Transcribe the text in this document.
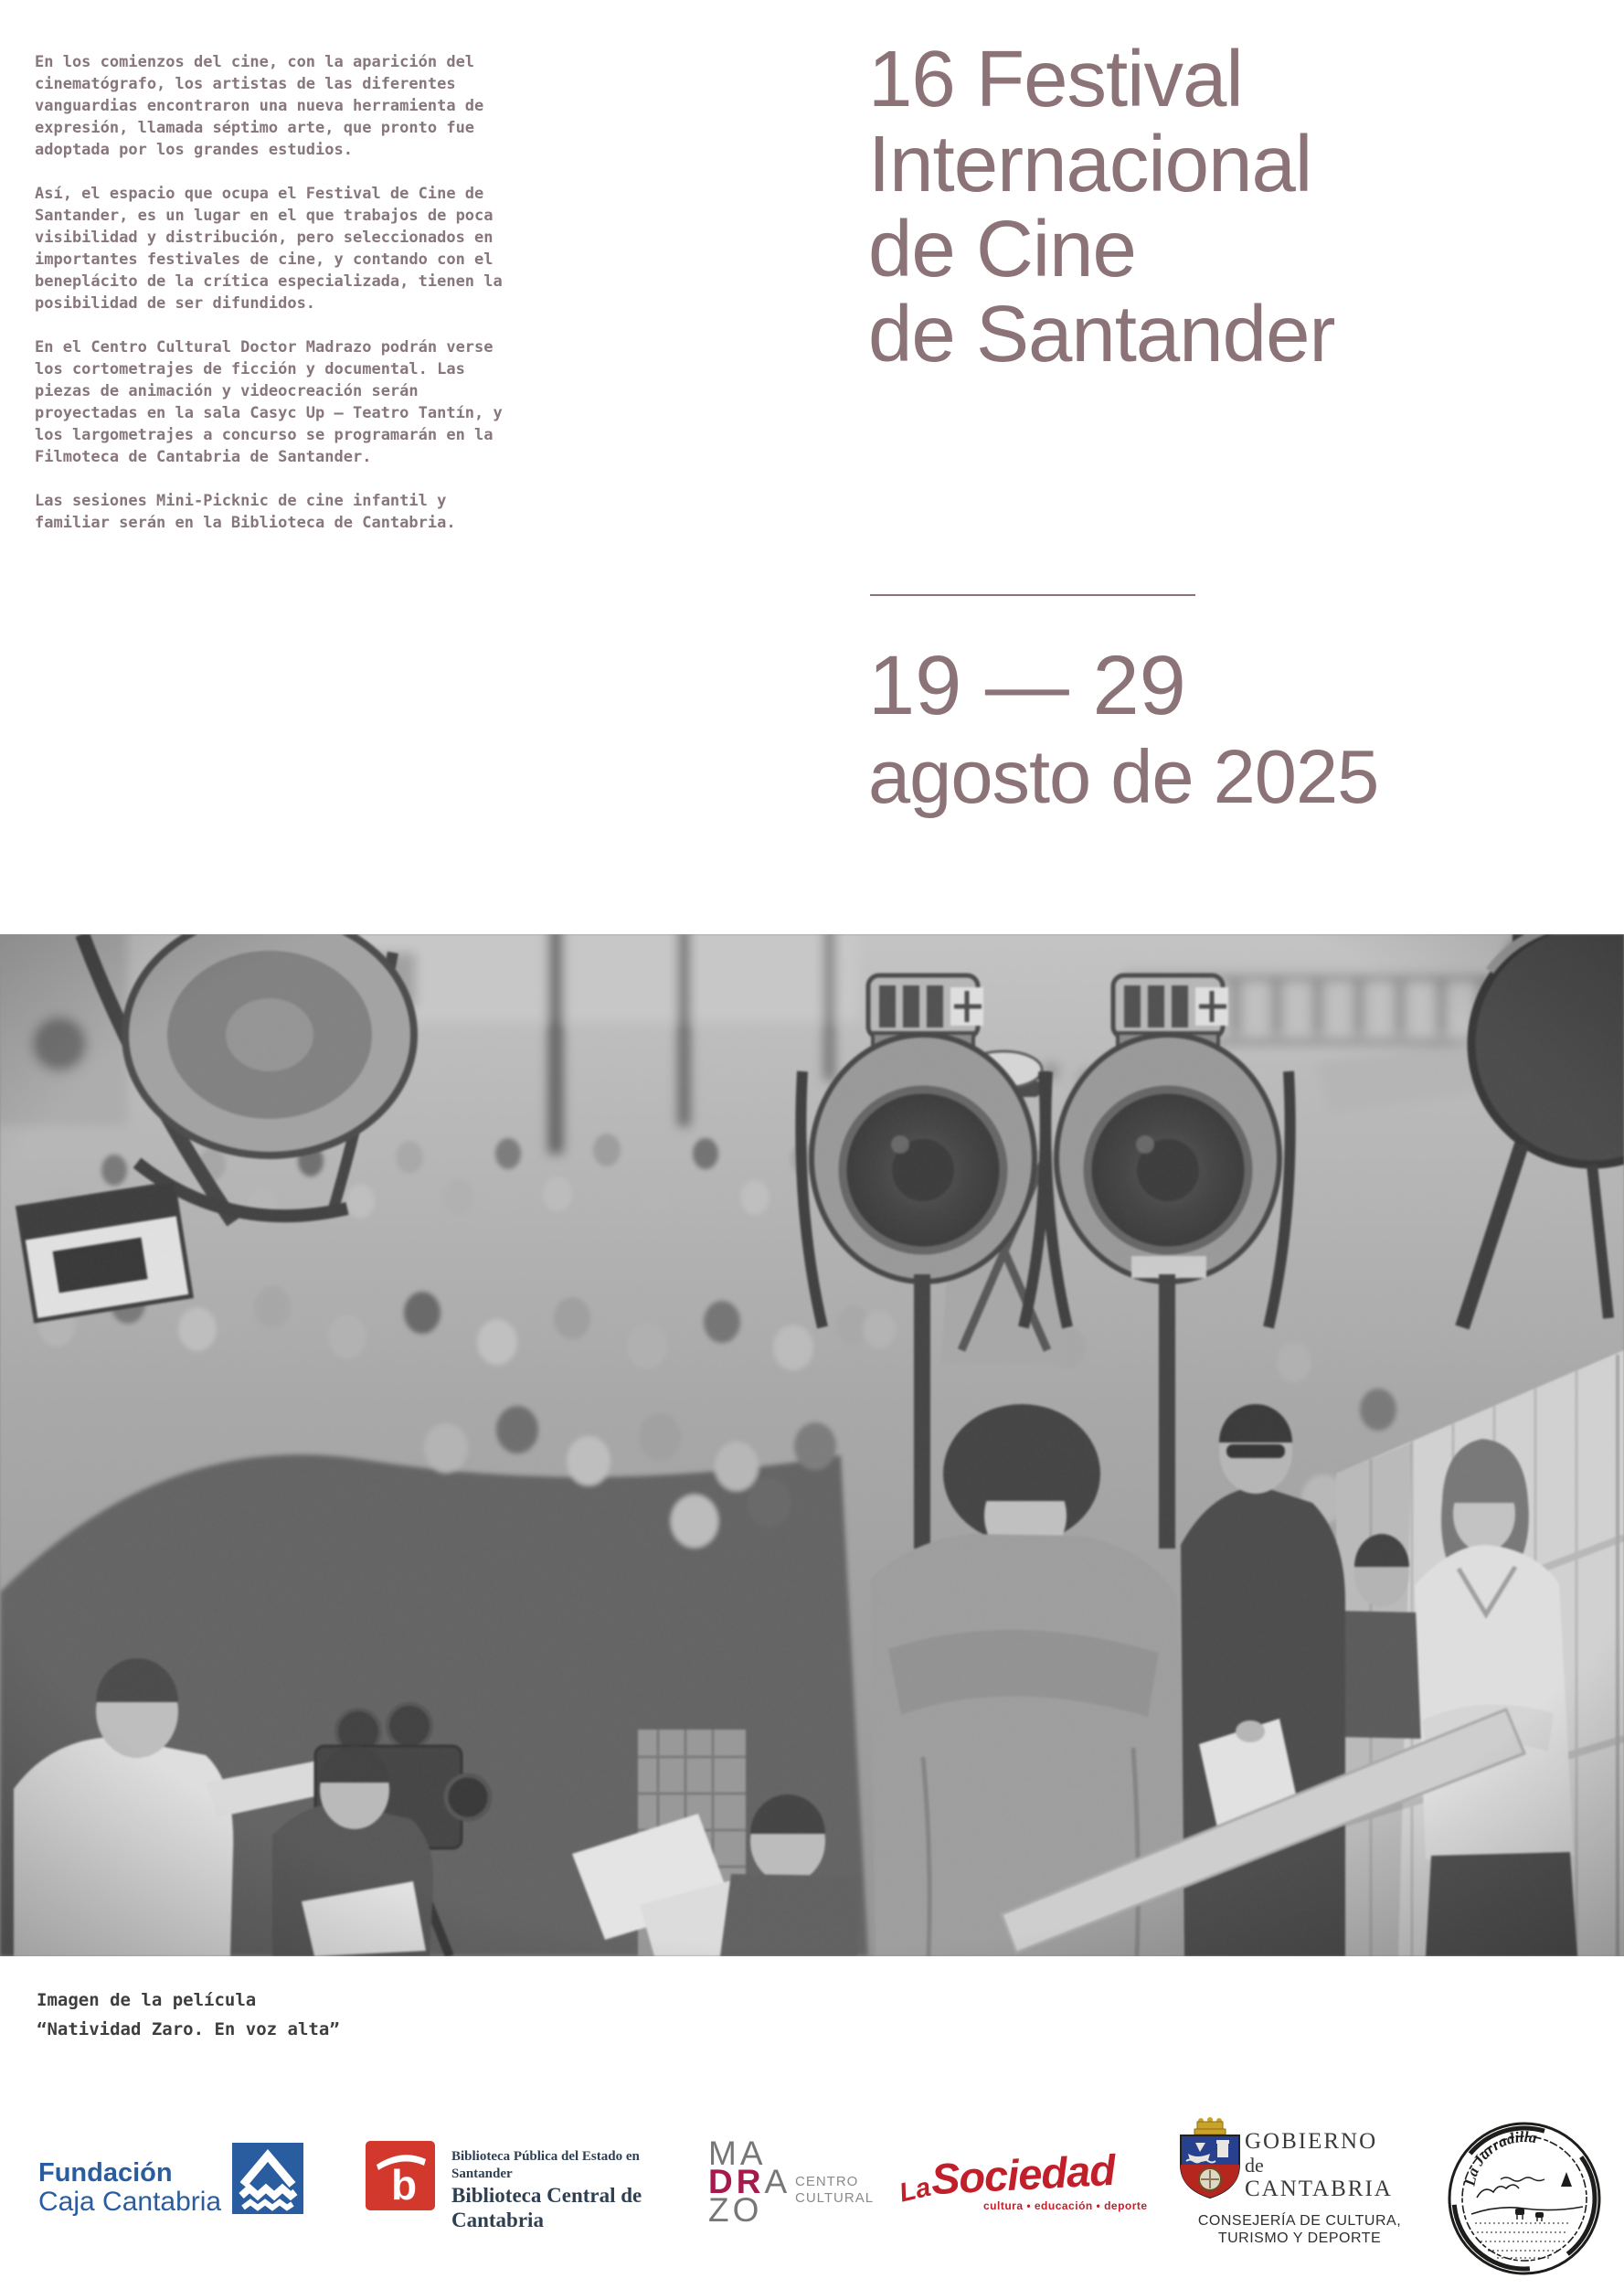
En los comienzos del cine, con la aparición del cinematógrafo, los artistas de las diferentes vanguardias encontraron una nueva herramienta de expresión, llamada séptimo arte, que pronto fue adoptada por los grandes estudios.

Así, el espacio que ocupa el Festival de Cine de Santander, es un lugar en el que trabajos de poca visibilidad y distribución, pero seleccionados en importantes festivales de cine, y contando con el beneplácito de la crítica especializada, tienen la posibilidad de ser difundidos.

En el Centro Cultural Doctor Madrazo podrán verse los cortometrajes de ficción y documental. Las piezas de animación y videocreación serán proyectadas en la sala Casyc Up – Teatro Tantín, y los largometrajes a concurso se programarán en la Filmoteca de Cantabria de Santander.

Las sesiones Mini-Picknic de cine infantil y familiar serán en la Biblioteca de Cantabria.

16 Festival
Internacional
de Cine
de Santander
19 — 29
agosto de 2025
Imagen de la película
“Natividad Zaro. En voz alta”
Fundación
Caja Cantabria	b
Biblioteca Pública del Estado en Santander
Biblioteca Central de
Cantabria
MA
DRA
ZO
CENTRO
CULTURAL LaSociedad
cultura • educación • deporte
GOBIERNO
de
CANTABRIA
CONSEJERÍA DE CULTURA,
TURISMO Y DEPORTE
La Jarradilla
